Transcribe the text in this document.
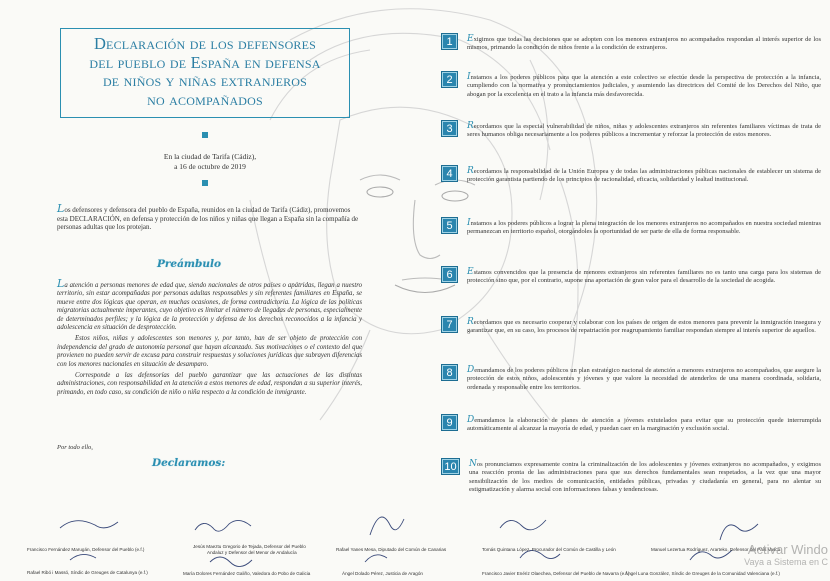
Declaración de los defensores
del pueblo de España en defensa
de niños y niñas extranjeros
no acompañados
En la ciudad de Tarifa (Cádiz),
a 16 de octubre de 2019
Los defensores y defensora del pueblo de España, reunidos en la ciudad de Tarifa (Cádiz), promovemos esta DECLARACIÓN, en defensa y protección de los niños y niñas que llegan a España sin la compañía de personas adultas que los protejan.
Preámbulo

La atención a personas menores de edad que, siendo nacionales de otros países o apátridas, llegan a nuestro territorio, sin estar acompañadas por personas adultas responsables y sin referentes familiares en España, se mueve entre dos lógicas que operan, en muchas ocasiones, de forma contradictoria. La lógica de las políticas migratorias actualmente imperantes, cuyo objetivo es limitar el número de llegadas de personas, especialmente de determinados perfiles; y la lógica de la protección y defensa de los derechos reconocidos a la infancia y adolescencia en situación de desprotección.

Estos niños, niñas y adolescentes son menores y, por tanto, han de ser objeto de protección con independencia del grado de autonomía personal que hayan alcanzado. Sus motivaciones o el contexto del que provienen no pueden servir de excusa para construir respuestas y soluciones jurídicas que subrayen diferencias con los menores nacionales en situación de desamparo.

Corresponde a las defensorías del pueblo garantizar que las actuaciones de las distintas administraciones, con responsabilidad en la atención a estos menores de edad, respondan a su superior interés, primando, en todo caso, su condición de niño o niña respecto a la condición de inmigrante.

Por todo ello,
Declaramos:
1	Exigimos que todas las decisiones que se adopten con los menores extranjeros no acompañados respondan al interés superior de los mismos, primando la condición de niños frente a la condición de extranjeros.
2	Instamos a los poderes públicos para que la atención a este colectivo se efectúe desde la perspectiva de protección a la infancia, cumpliendo con la normativa y pronunciamientos judiciales, y asumiendo las directrices del Comité de los Derechos del Niño, que abogan por la excelencia en el trato a la infancia más desfavorecida.
3	Recordamos que la especial vulnerabilidad de niños, niñas y adolescentes extranjeros sin referentes familiares víctimas de trata de seres humanos obliga necesariamente a los poderes públicos a incrementar y reforzar la protección de estos menores.
4	Recordamos la responsabilidad de la Unión Europea y de todas las administraciones públicas nacionales de establecer un sistema de protección garantista partiendo de los principios de racionalidad, eficacia, solidaridad y lealtad institucional.
5	Instamos a los poderes públicos a lograr la plena integración de los menores extranjeros no acompañados en nuestra sociedad mientras permanezcan en territorio español, otorgándoles la oportunidad de ser parte de ella de forma responsable.
6	Estamos convencidos que la presencia de menores extranjeros sin referentes familiares no es tanto una carga para los sistemas de protección sino que, por el contrario, supone una aportación de gran valor para el desarrollo de la sociedad de acogida.
7	Recordamos que es necesario cooperar y colaborar con los países de origen de estos menores para prevenir la inmigración insegura y garantizar que, en su caso, los procesos de repatriación por reagrupamiento familiar respondan siempre al interés superior de aquellos.
8	Demandamos de los poderes públicos un plan estratégico nacional de atención a menores extranjeros no acompañados, que asegure la protección de estos niños, adolescentes y jóvenes y que valore la necesidad de atenderlos de una manera coordinada, solidaria, ordenada y responsable entre los territorios.
9	Demandamos la elaboración de planes de atención a jóvenes extutelados para evitar que su protección quede interrumpida automáticamente al alcanzar la mayoría de edad, y puedan caer en la marginación y exclusión social.
10	Nos pronunciamos expresamente contra la criminalización de los adolescentes y jóvenes extranjeros no acompañados, y exigimos una reacción pronta de las administraciones para que sus derechos fundamentales sean respetados, a la vez que una mayor sensibilización de los medios de comunicación, entidades públicas, privadas y ciudadanía en general, para no alentar su estigmatización y alarma social con informaciones falsas y tendenciosas.
Francisco Fernández Marugán, Defensor del Pueblo (e.f.)
Jesús Maeztu Gregorio de Tejada, Defensor del Pueblo
Andaluz y Defensor del Menor de Andalucía	Rafael Yanes Mesa, Diputado del Común de Canarias	Tomás Quintana López, Procurador del Común de Castilla y León	Manuel Lezertua Rodríguez, Ararteko, Defensor del País Vasco
Rafael Ribó i Massó, Síndic de Greuges de Catalunya (e.f.)	María Dolores Fernández Galiño, Valedora do Pobo de Galicia	Ángel Dolado Pérez, Justicia de Aragón	Francisco Javier Enériz Olaechea, Defensor del Pueblo de Navarra (e.f.)
Ángel Luna González, Síndic de Greuges de la Comunidad Valenciana (e.f.)
Activar Windo
Vaya a Sistema en C
